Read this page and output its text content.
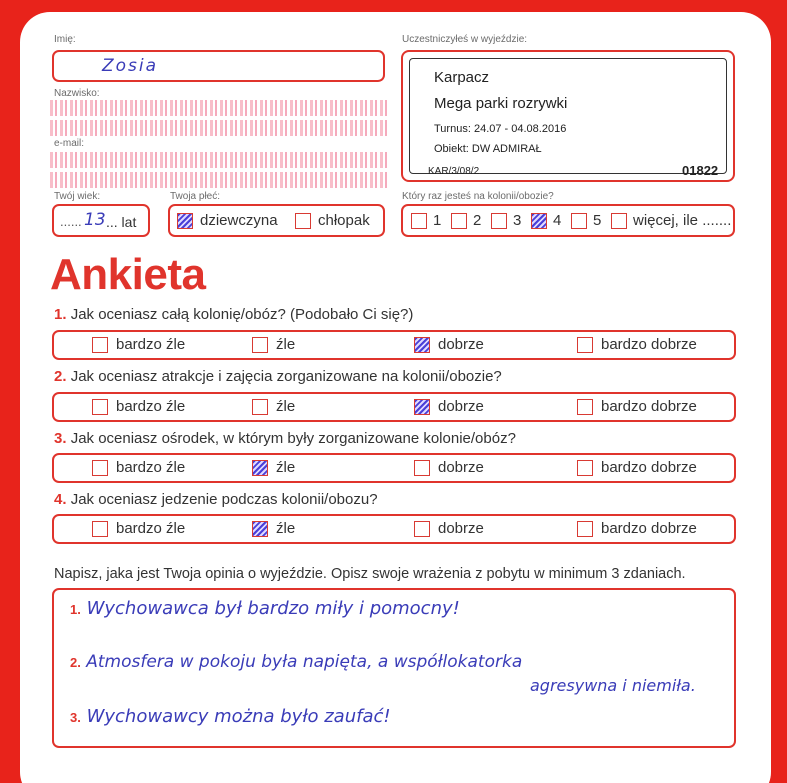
Imię:
Zosia
Nazwisko:
e-mail:
Twój wiek:
...... 13 ... lat
Twoja płeć:
dziewczyna	chłopak
Uczestniczyłeś w wyjeździe:
Karpacz
Mega parki rozrywki
Turnus: 24.07 - 04.08.2016
Obiekt: DW ADMIRAŁ
KAR/3/08/2	01822
Który raz jesteś na kolonii/obozie?
1 2 3 4 5 więcej, ile .......
Ankieta
1. Jak oceniasz całą kolonię/obóz? (Podobało Ci się?)
bardzo źle	źle	dobrze	bardzo dobrze
2. Jak oceniasz atrakcje i zajęcia zorganizowane na kolonii/obozie?
bardzo źle	źle	dobrze	bardzo dobrze
3. Jak oceniasz ośrodek, w którym były zorganizowane kolonie/obóz?
bardzo źle	źle	dobrze	bardzo dobrze
4. Jak oceniasz jedzenie podczas kolonii/obozu?
bardzo źle	źle	dobrze	bardzo dobrze
Napisz, jaka jest Twoja opinia o wyjeździe. Opisz swoje wrażenia z pobytu w minimum 3 zdaniach.
1. Wychowawca był bardzo miły i pomocny!
2. Atmosfera w pokoju była napięta, a współlokatorka
agresywna i niemiła.
3. Wychowawcy można było zaufać!
